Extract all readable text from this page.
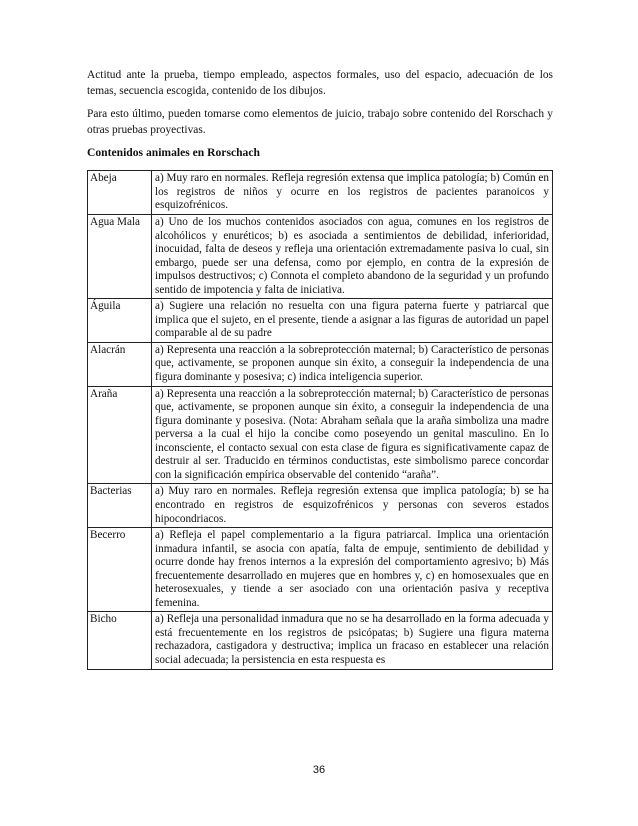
Actitud ante la prueba, tiempo empleado, aspectos formales, uso del espacio, adecuación de los temas, secuencia escogida, contenido de los dibujos.

Para esto último, pueden tomarse como elementos de juicio, trabajo sobre contenido del Rorschach y otras pruebas proyectivas.

Contenidos animales en Rorschach
Abeja	a) Muy raro en normales. Refleja regresión extensa que implica patología; b) Común en los registros de niños y ocurre en los registros de pacientes paranoicos y esquizofrénicos.
Agua Mala	a) Uno de los muchos contenidos asociados con agua, comunes en los registros de alcohólicos y enuréticos; b) es asociada a sentimientos de debilidad, inferioridad, inocuidad, falta de deseos y refleja una orientación extremadamente pasiva lo cual, sin embargo, puede ser una defensa, como por ejemplo, en contra de la expresión de impulsos destructivos; c) Connota el completo abandono de la seguridad y un profundo sentido de impotencia y falta de iniciativa.
Águila	a) Sugiere una relación no resuelta con una figura paterna fuerte y patriarcal que implica que el sujeto, en el presente, tiende a asignar a las figuras de autoridad un papel comparable al de su padre
Alacrán	a) Representa una reacción a la sobreprotección maternal; b) Característico de personas que, activamente, se proponen aunque sin éxito, a conseguir la independencia de una figura dominante y posesiva; c) indica inteligencia superior.
Araña	a) Representa una reacción a la sobreprotección maternal; b) Característico de personas que, activamente, se proponen aunque sin éxito, a conseguir la independencia de una figura dominante y posesiva. (Nota: Abraham señala que la araña simboliza una madre perversa a la cual el hijo la concibe como poseyendo un genital masculino. En lo inconsciente, el contacto sexual con esta clase de figura es significativamente capaz de destruir al ser. Traducido en términos conductistas, este simbolismo parece concordar con la significación empírica observable del contenido “araña”.
Bacterias	a) Muy raro en normales. Refleja regresión extensa que implica patología; b) se ha encontrado en registros de esquizofrénicos y personas con severos estados hipocondriacos.
Becerro	a) Refleja el papel complementario a la figura patriarcal. Implica una orientación inmadura infantil, se asocia con apatía, falta de empuje, sentimiento de debilidad y ocurre donde hay frenos internos a la expresión del comportamiento agresivo; b) Más frecuentemente desarrollado en mujeres que en hombres y, c) en homosexuales que en heterosexuales, y tiende a ser asociado con una orientación pasiva y receptiva femenina.
Bicho	a) Refleja una personalidad inmadura que no se ha desarrollado en la forma adecuada y está frecuentemente en los registros de psicópatas; b) Sugiere una figura materna rechazadora, castigadora y destructiva; implica un fracaso en establecer una relación social adecuada; la persistencia en esta respuesta es
36
